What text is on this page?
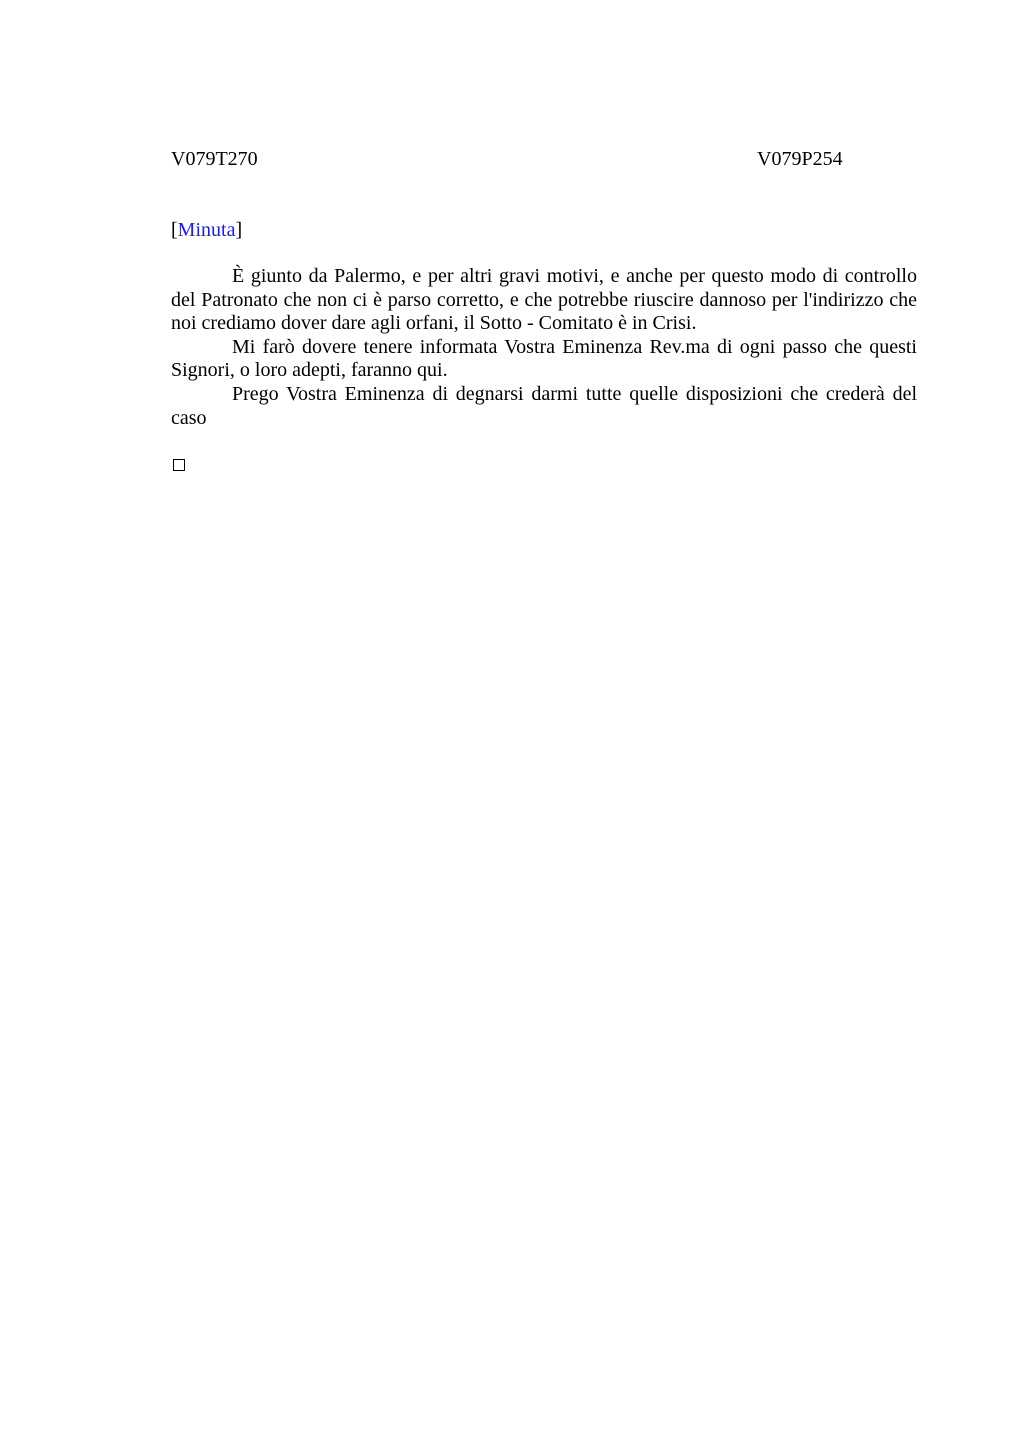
V079T270	V079P254
[Minuta]

È giunto da Palermo, e per altri gravi motivi, e anche per questo modo di controllo del Patronato che non ci è parso corretto, e che potrebbe riuscire dannoso per l'indirizzo che noi crediamo dover dare agli orfani, il Sotto - Comitato è in Crisi.

Mi farò dovere tenere informata Vostra Eminenza Rev.ma di ogni passo che questi Signori, o loro adepti, faranno qui.

Prego Vostra Eminenza di degnarsi darmi tutte quelle disposizioni che crederà del caso
